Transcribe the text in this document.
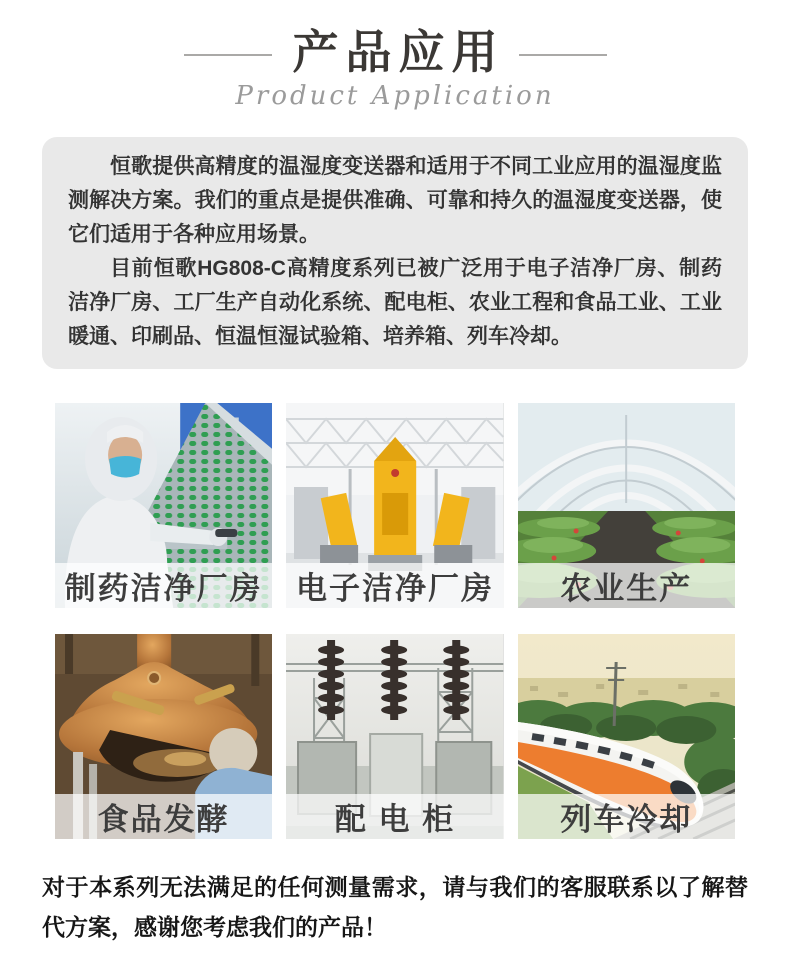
产品应用
Product Application

恒歌提供高精度的温湿度变送器和适用于不同工业应用的温湿度监测解决方案。我们的重点是提供准确、可靠和持久的温湿度变送器，使它们适用于各种应用场景。

目前恒歌HG808-C高精度系列已被广泛用于电子洁净厂房、制药洁净厂房、工厂生产自动化系统、配电柜、农业工程和食品工业、工业暖通、印刷品、恒温恒湿试验箱、培养箱、列车冷却。

制药洁净厂房	电子洁净厂房	农业生产
食品发酵	配 电 柜	列车冷却

对于本系列无法满足的任何测量需求，请与我们的客服联系以了解替代方案，感谢您考虑我们的产品！
